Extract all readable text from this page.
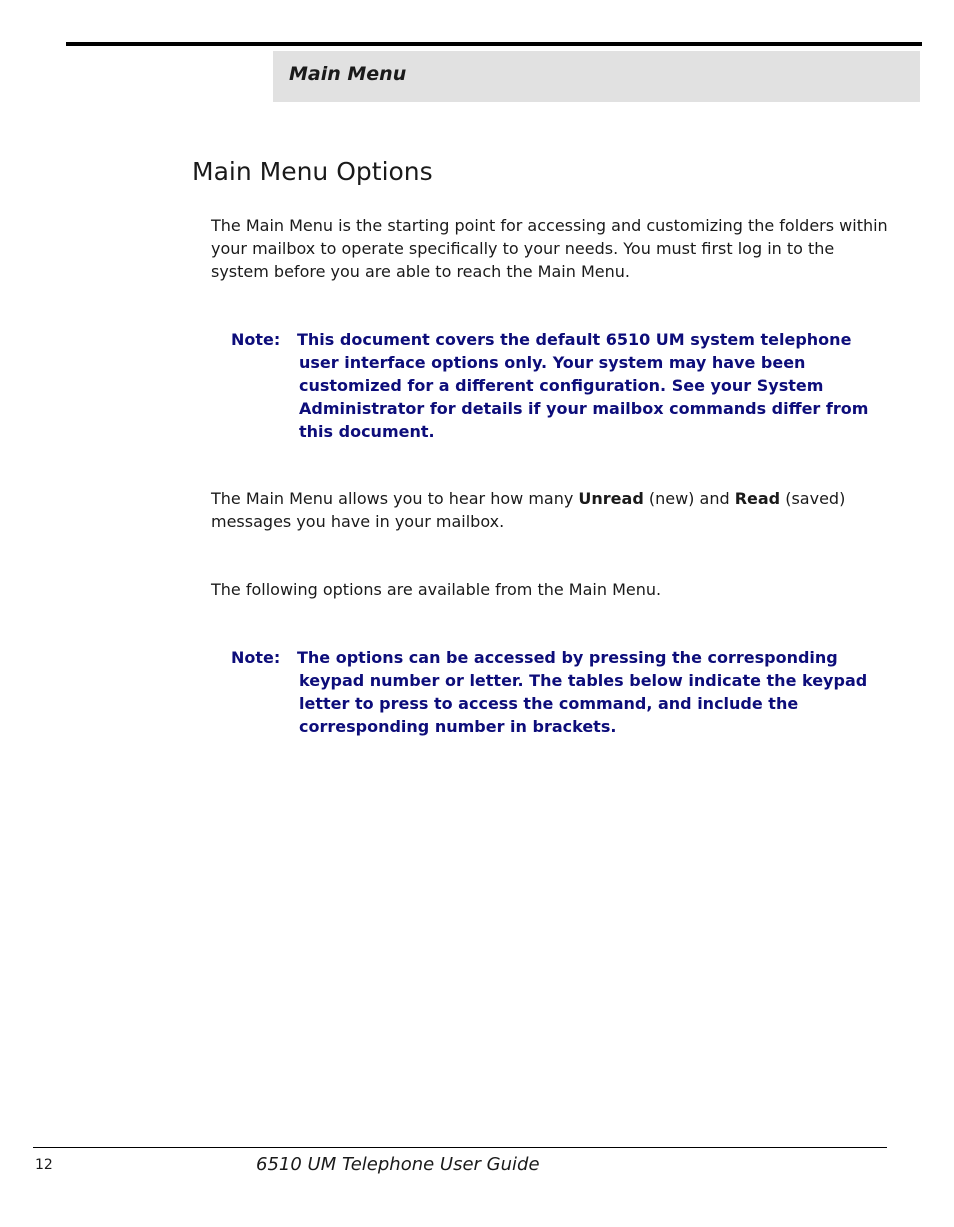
Main Menu
Main Menu Options

The Main Menu is the starting point for accessing and customizing the folders within your mailbox to operate specifically to your needs. You must first log in to the system before you are able to reach the Main Menu.

Note: This document covers the default 6510 UM system telephone user interface options only. Your system may have been customized for a different configuration. See your System Administrator for details if your mailbox commands differ from this document.

The Main Menu allows you to hear how many Unread (new) and Read (saved) messages you have in your mailbox.

The following options are available from the Main Menu.

Note: The options can be accessed by pressing the corresponding keypad number or letter. The tables below indicate the keypad letter to press to access the command, and include the corresponding number in brackets.
12	6510 UM Telephone User Guide
